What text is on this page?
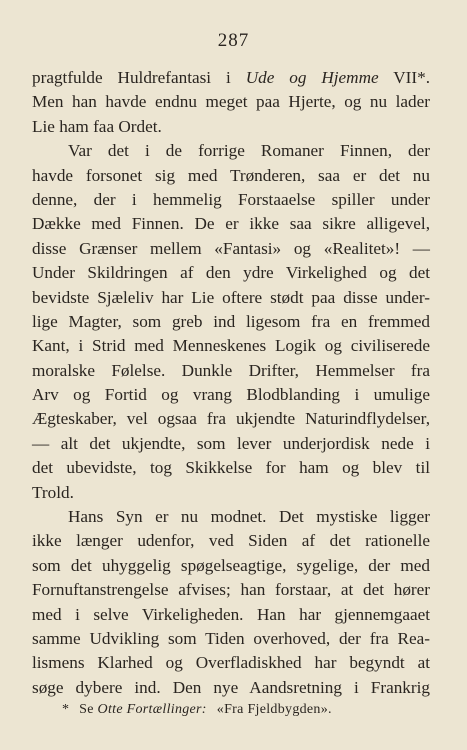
287
pragtfulde Huldrefantasi i Ude og Hjemme VII*.
Men han havde endnu meget paa Hjerte, og nu lader
Lie ham faa Ordet.
Var det i de forrige Romaner Finnen, der
havde forsonet sig med Trønderen, saa er det nu
denne, der i hemmelig Forstaaelse spiller under
Dække med Finnen. De er ikke saa sikre alligevel,
disse Grænser mellem «Fantasi» og «Realitet»! —
Under Skildringen af den ydre Virkelighed og det
bevidste Sjæleliv har Lie oftere stødt paa disse under-
lige Magter, som greb ind ligesom fra en fremmed
Kant, i Strid med Menneskenes Logik og civiliserede
moralske Følelse. Dunkle Drifter, Hemmelser fra
Arv og Fortid og vrang Blodblanding i umulige
Ægteskaber, vel ogsaa fra ukjendte Naturindflydelser,
— alt det ukjendte, som lever underjordisk nede i
det ubevidste, tog Skikkelse for ham og blev til
Trold.
Hans Syn er nu modnet. Det mystiske ligger
ikke længer udenfor, ved Siden af det rationelle
som det uhyggelig spøgelseagtige, sygelige, der med
Fornuftanstrengelse afvises; han forstaar, at det hører
med i selve Virkeligheden. Han har gjennemgaaet
samme Udvikling som Tiden overhoved, der fra Rea-
lismens Klarhed og Overfladiskhed har begyndt at
søge dybere ind. Den nye Aandsretning i Frankrig
* Se Otte Fortællinger: «Fra Fjeldbygden».
